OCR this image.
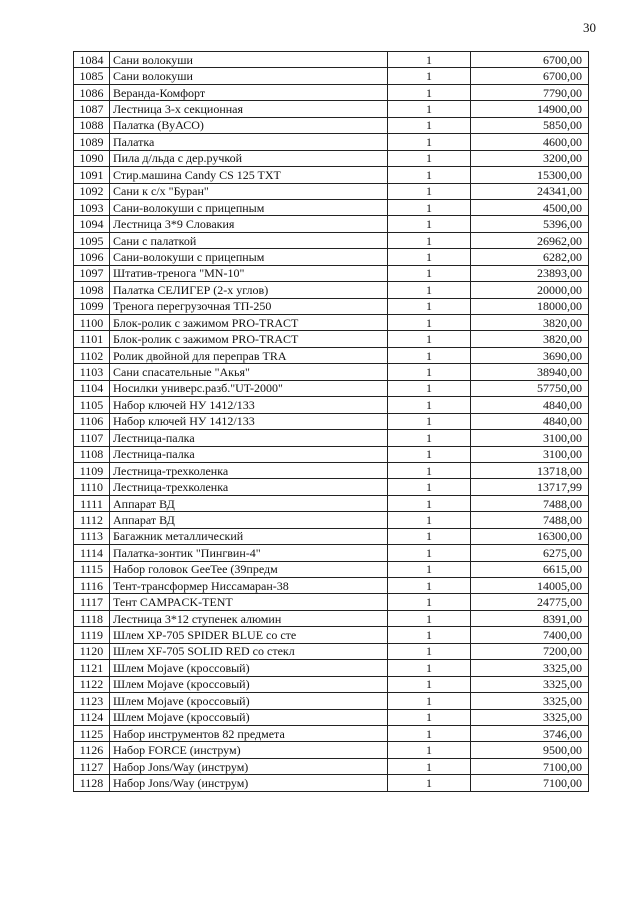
30
1084	Сани волокуши	1	6700,00
1085	Сани волокуши	1	6700,00
1086	Веранда-Комфорт	1	7790,00
1087	Лестница 3-х секционная	1	14900,00
1088	Палатка (ВуАСО)	1	5850,00
1089	Палатка	1	4600,00
1090	Пила д/льда с дер.ручкой	1	3200,00
1091	Стир.машина Candy CS 125 TXT	1	15300,00
1092	Сани к с/х "Буран"	1	24341,00
1093	Сани-волокуши с прицепным	1	4500,00
1094	Лестница 3*9 Словакия	1	5396,00
1095	Сани с палаткой	1	26962,00
1096	Сани-волокуши с прицепным	1	6282,00
1097	Штатив-тренога "MN-10"	1	23893,00
1098	Палатка СЕЛИГЕР (2-х углов)	1	20000,00
1099	Тренога перегрузочная ТП-250	1	18000,00
1100	Блок-ролик с зажимом PRO-TRACT	1	3820,00
1101	Блок-ролик с зажимом PRO-TRACT	1	3820,00
1102	Ролик двойной для переправ TRA	1	3690,00
1103	Сани спасательные "Акья"	1	38940,00
1104	Носилки универс.разб."UT-2000"	1	57750,00
1105	Набор ключей НУ 1412/133	1	4840,00
1106	Набор ключей НУ 1412/133	1	4840,00
1107	Лестница-палка	1	3100,00
1108	Лестница-палка	1	3100,00
1109	Лестница-трехколенка	1	13718,00
1110	Лестница-трехколенка	1	13717,99
1111	Аппарат ВД	1	7488,00
1112	Аппарат ВД	1	7488,00
1113	Багажник металлический	1	16300,00
1114	Палатка-зонтик "Пингвин-4"	1	6275,00
1115	Набор головок GeeTee (39предм	1	6615,00
1116	Тент-трансформер Ниссамаран-38	1	14005,00
1117	Тент CAMPACK-TENT	1	24775,00
1118	Лестница 3*12 ступенек алюмин	1	8391,00
1119	Шлем XP-705 SPIDER BLUE со сте	1	7400,00
1120	Шлем XF-705 SOLID RED со стекл	1	7200,00
1121	Шлем Mojave (кроссовый)	1	3325,00
1122	Шлем Mojave (кроссовый)	1	3325,00
1123	Шлем Mojave (кроссовый)	1	3325,00
1124	Шлем Mojave (кроссовый)	1	3325,00
1125	Набор инструментов 82 предмета	1	3746,00
1126	Набор FORCE (инструм)	1	9500,00
1127	Набор Jons/Way (инструм)	1	7100,00
1128	Набор Jons/Way (инструм)	1	7100,00
